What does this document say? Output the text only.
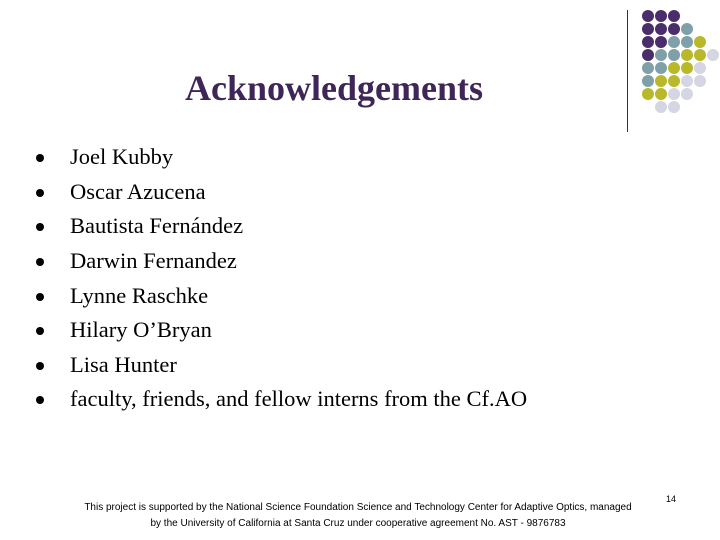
Acknowledgements
Joel Kubby
Oscar Azucena
Bautista Fernández
Darwin Fernandez
Lynne Raschke
Hilary O’Bryan
Lisa Hunter
faculty, friends, and fellow interns from the Cf.AO
This project is supported by the National Science Foundation Science and Technology Center for Adaptive Optics, managed
by the University of California at Santa Cruz under cooperative agreement No. AST - 9876783
14
